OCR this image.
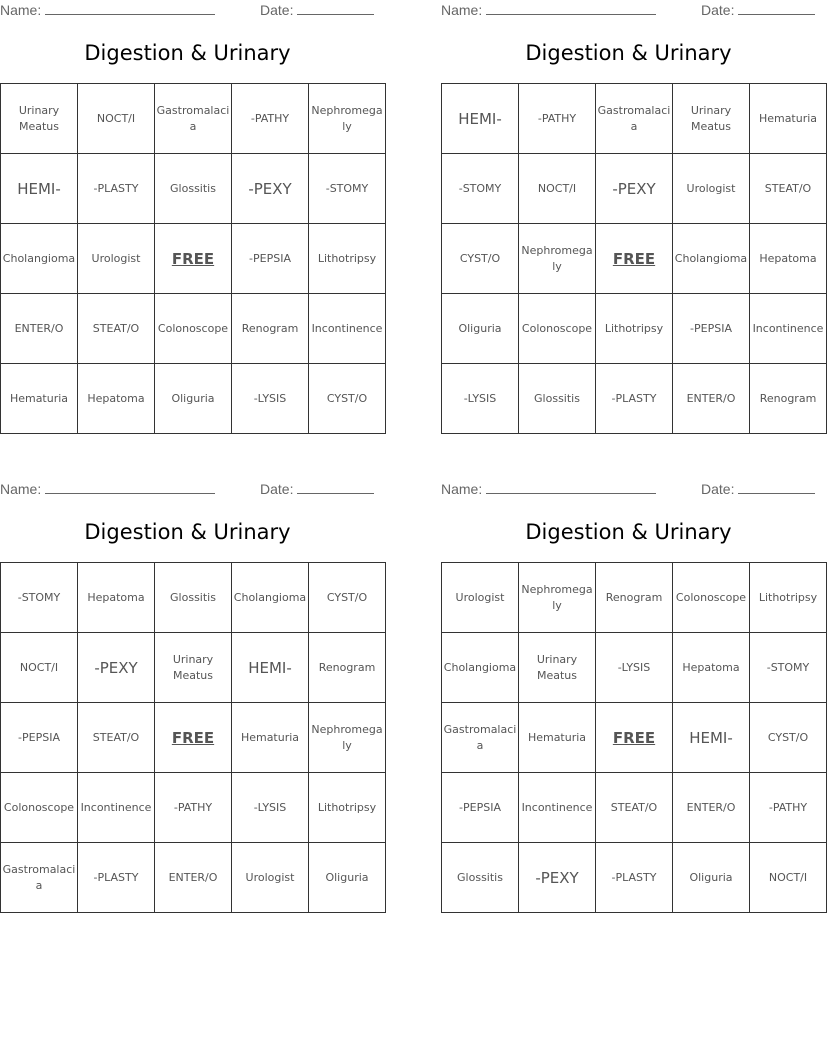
Name:	Date:
Digestion & Urinary
Urinary Meatus	NOCT/I	Gastromalacia	-PATHY	Nephromegaly
HEMI-	-PLASTY	Glossitis	-PEXY	-STOMY
Cholangioma	Urologist	FREE	-PEPSIA	Lithotripsy
ENTER/O	STEAT/O	Colonoscope	Renogram	Incontinence
Hematuria	Hepatoma	Oliguria	-LYSIS	CYST/O
Name:	Date:
Digestion & Urinary
HEMI-	-PATHY	Gastromalacia	Urinary Meatus	Hematuria
-STOMY	NOCT/I	-PEXY	Urologist	STEAT/O
CYST/O	Nephromegaly	FREE	Cholangioma	Hepatoma
Oliguria	Colonoscope	Lithotripsy	-PEPSIA	Incontinence
-LYSIS	Glossitis	-PLASTY	ENTER/O	Renogram
Name:	Date:
Digestion & Urinary
-STOMY	Hepatoma	Glossitis	Cholangioma	CYST/O
NOCT/I	-PEXY	Urinary Meatus	HEMI-	Renogram
-PEPSIA	STEAT/O	FREE	Hematuria	Nephromegaly
Colonoscope	Incontinence	-PATHY	-LYSIS	Lithotripsy
Gastromalacia	-PLASTY	ENTER/O	Urologist	Oliguria
Name:	Date:
Digestion & Urinary
Urologist	Nephromegaly	Renogram	Colonoscope	Lithotripsy
Cholangioma	Urinary Meatus	-LYSIS	Hepatoma	-STOMY
Gastromalacia	Hematuria	FREE	HEMI-	CYST/O
-PEPSIA	Incontinence	STEAT/O	ENTER/O	-PATHY
Glossitis	-PEXY	-PLASTY	Oliguria	NOCT/I
